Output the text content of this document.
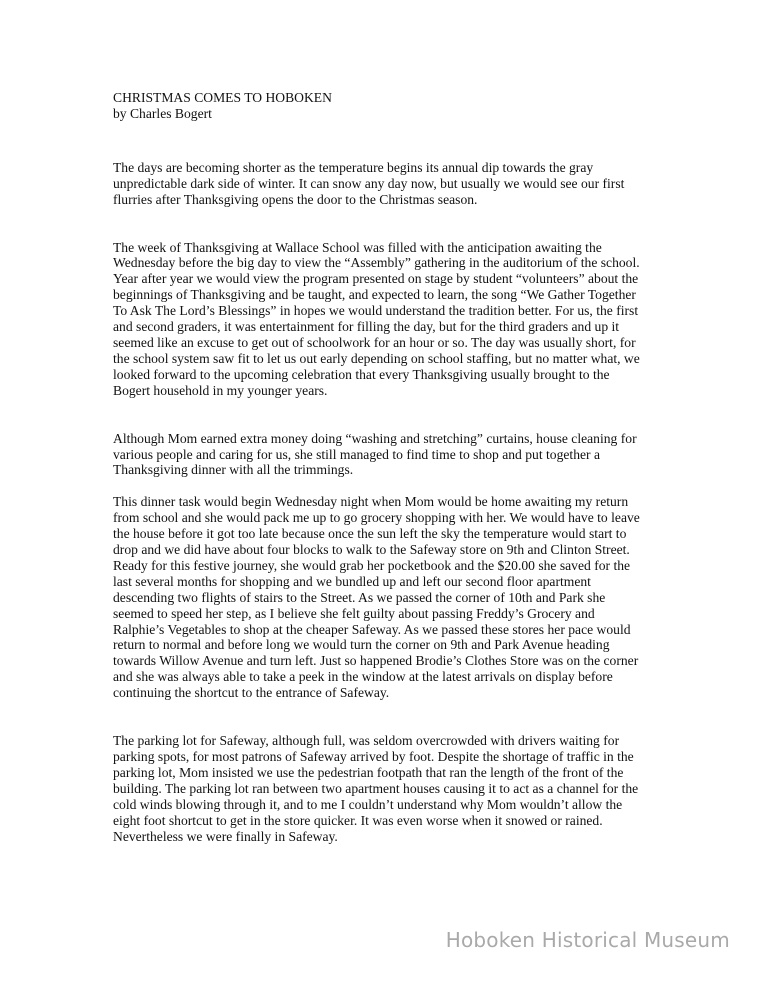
CHRISTMAS COMES TO HOBOKEN
by Charles Bogert

The days are becoming shorter as the temperature begins its annual dip towards the gray
unpredictable dark side of winter. It can snow any day now, but usually we would see our first
flurries after Thanksgiving opens the door to the Christmas season.

The week of Thanksgiving at Wallace School was filled with the anticipation awaiting the
Wednesday before the big day to view the “Assembly” gathering in the auditorium of the school.
Year after year we would view the program presented on stage by student “volunteers” about the
beginnings of Thanksgiving and be taught, and expected to learn, the song “We Gather Together
To Ask The Lord’s Blessings” in hopes we would understand the tradition better. For us, the first
and second graders, it was entertainment for filling the day, but for the third graders and up it
seemed like an excuse to get out of schoolwork for an hour or so. The day was usually short, for
the school system saw fit to let us out early depending on school staffing, but no matter what, we
looked forward to the upcoming celebration that every Thanksgiving usually brought to the
Bogert household in my younger years.

Although Mom earned extra money doing “washing and stretching” curtains, house cleaning for
various people and caring for us, she still managed to find time to shop and put together a
Thanksgiving dinner with all the trimmings.

This dinner task would begin Wednesday night when Mom would be home awaiting my return
from school and she would pack me up to go grocery shopping with her. We would have to leave
the house before it got too late because once the sun left the sky the temperature would start to
drop and we did have about four blocks to walk to the Safeway store on 9th and Clinton Street.
Ready for this festive journey, she would grab her pocketbook and the $20.00 she saved for the
last several months for shopping and we bundled up and left our second floor apartment
descending two flights of stairs to the Street. As we passed the corner of 10th and Park she
seemed to speed her step, as I believe she felt guilty about passing Freddy’s Grocery and
Ralphie’s Vegetables to shop at the cheaper Safeway. As we passed these stores her pace would
return to normal and before long we would turn the corner on 9th and Park Avenue heading
towards Willow Avenue and turn left. Just so happened Brodie’s Clothes Store was on the corner
and she was always able to take a peek in the window at the latest arrivals on display before
continuing the shortcut to the entrance of Safeway.

The parking lot for Safeway, although full, was seldom overcrowded with drivers waiting for
parking spots, for most patrons of Safeway arrived by foot. Despite the shortage of traffic in the
parking lot, Mom insisted we use the pedestrian footpath that ran the length of the front of the
building. The parking lot ran between two apartment houses causing it to act as a channel for the
cold winds blowing through it, and to me I couldn’t understand why Mom wouldn’t allow the
eight foot shortcut to get in the store quicker. It was even worse when it snowed or rained.
Nevertheless we were finally in Safeway.

Hoboken Historical Museum
